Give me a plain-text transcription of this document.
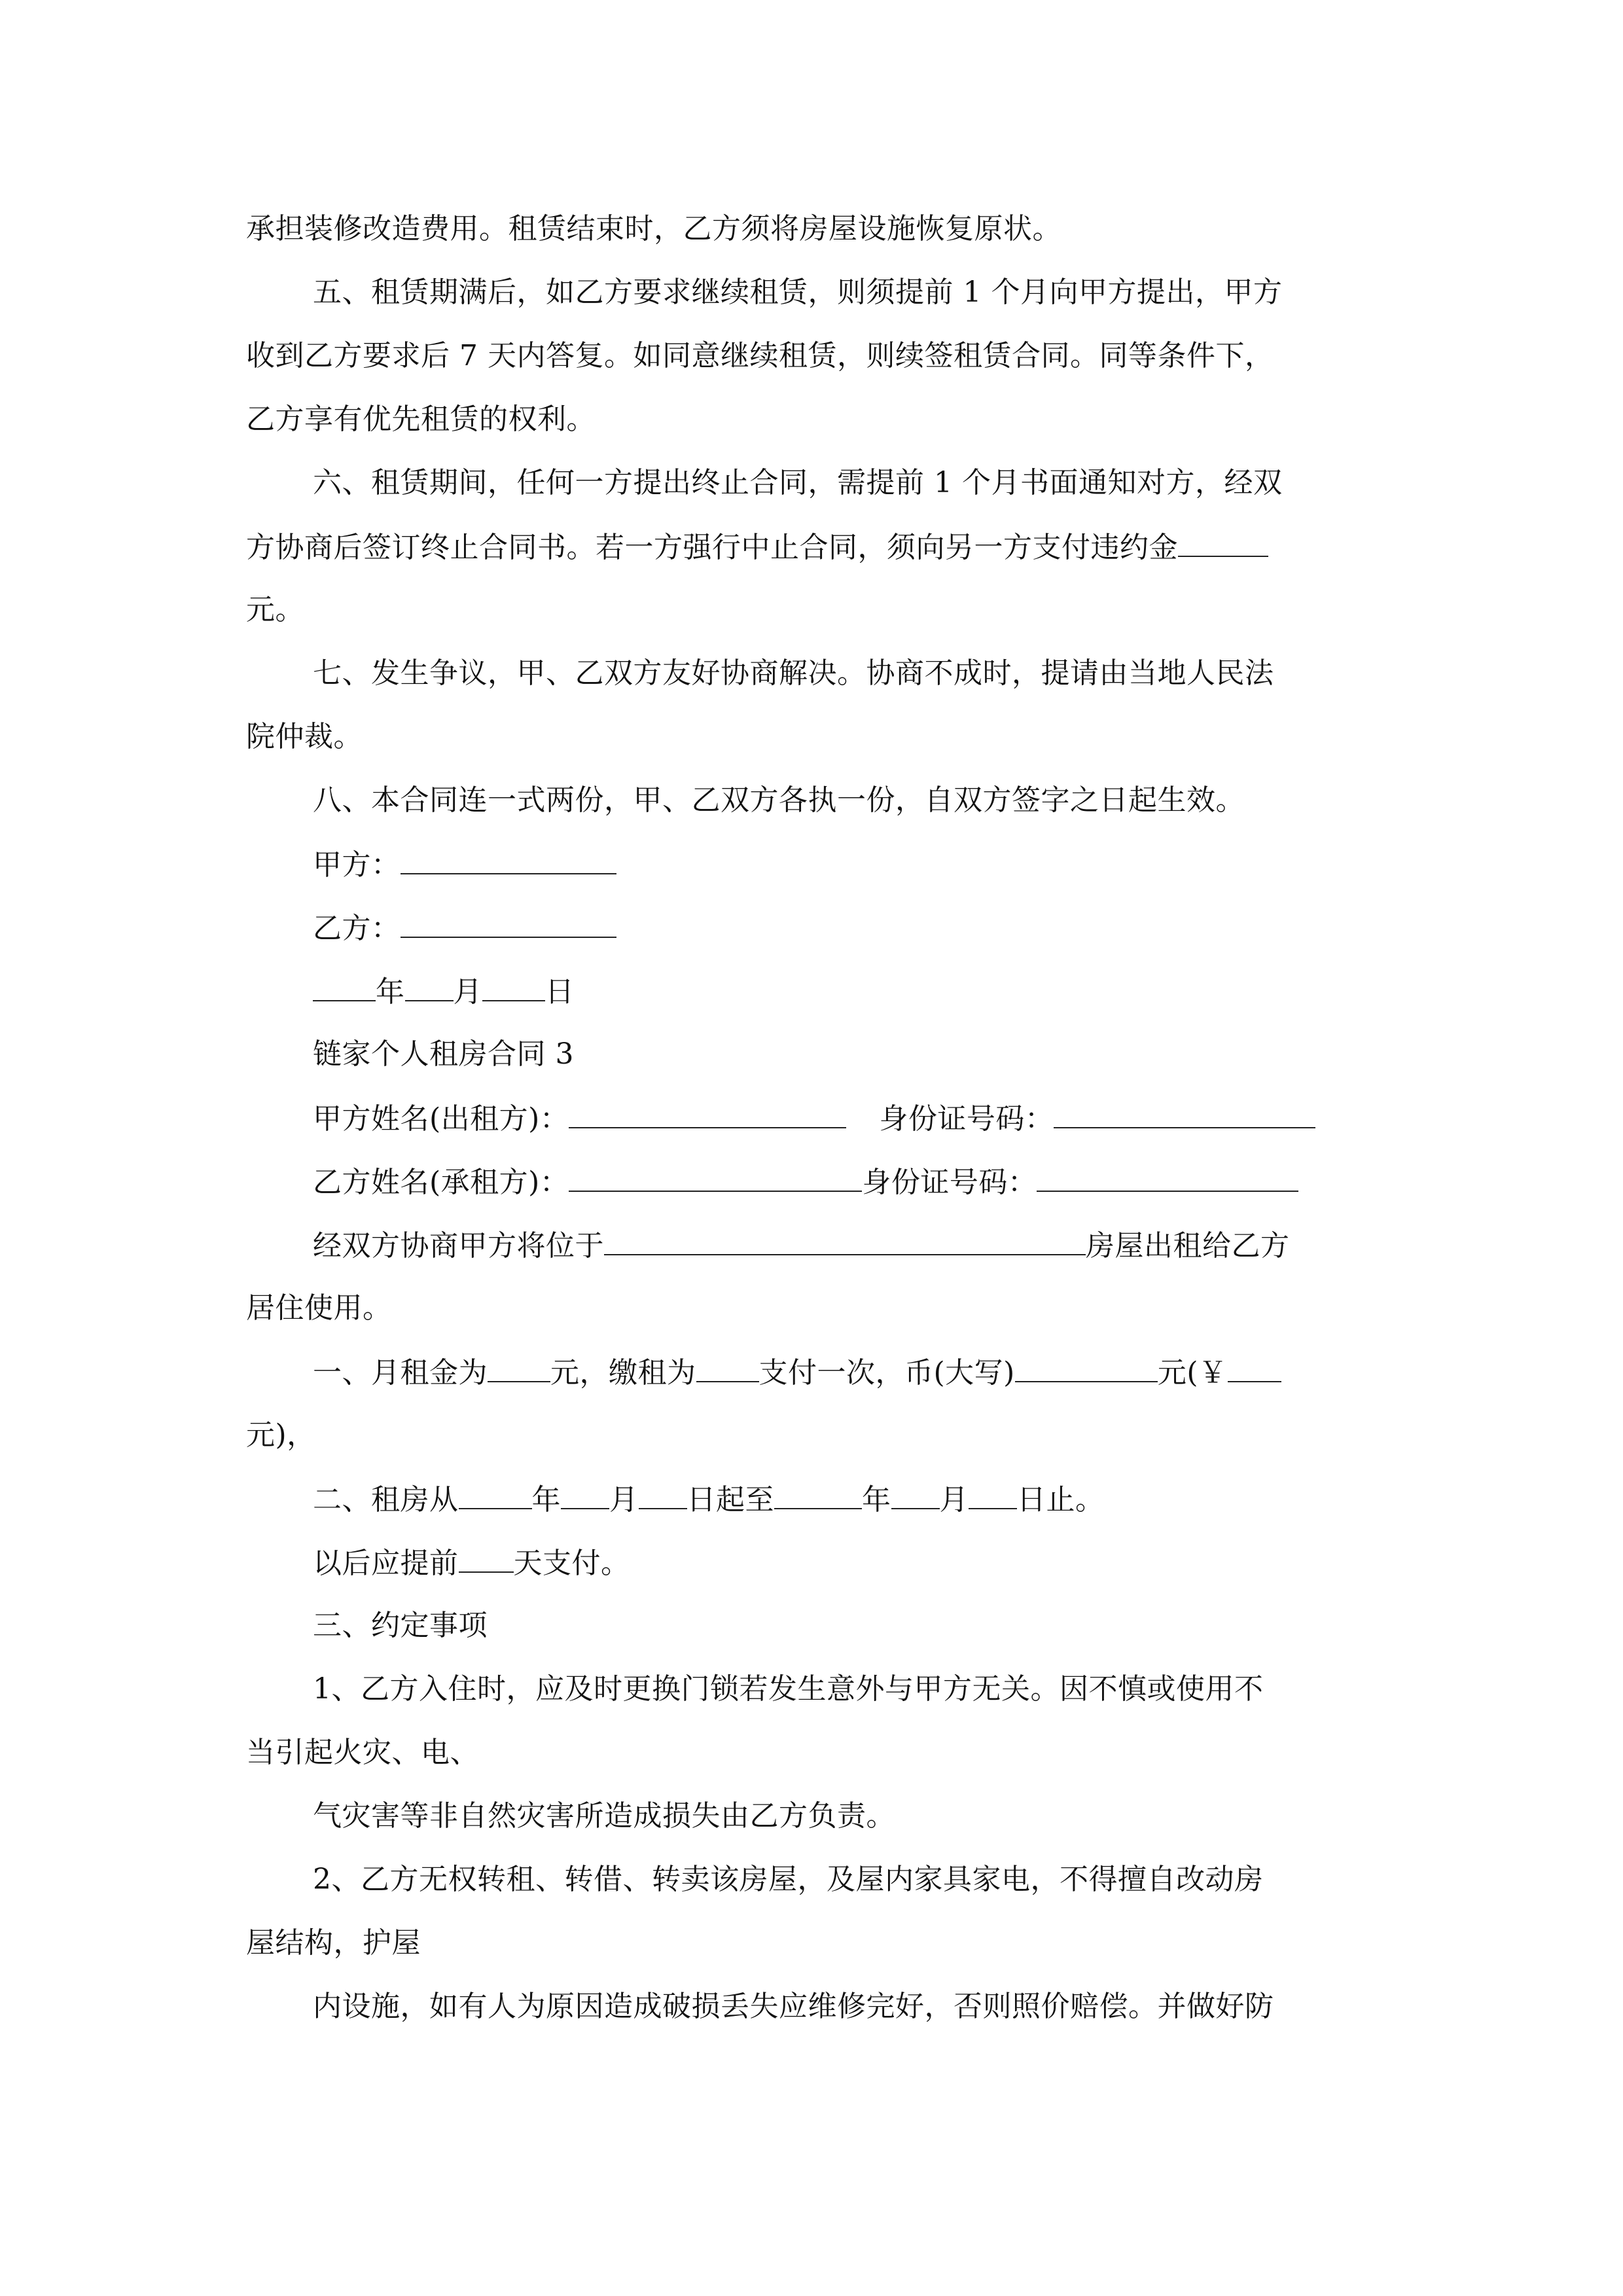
承担装修改造费用。租赁结束时，乙方须将房屋设施恢复原状。

五、租赁期满后，如乙方要求继续租赁，则须提前 1 个月向甲方提出，甲方

收到乙方要求后 7 天内答复。如同意继续租赁，则续签租赁合同。同等条件下，

乙方享有优先租赁的权利。

六、租赁期间，任何一方提出终止合同，需提前 1 个月书面通知对方，经双

方协商后签订终止合同书。若一方强行中止合同，须向另一方支付违约金

元。

七、发生争议，甲、乙双方友好协商解决。协商不成时，提请由当地人民法

院仲裁。

八、本合同连一式两份，甲、乙双方各执一份，自双方签字之日起生效。

甲方：

乙方：

年 月 日

链家个人租房合同 3

甲方姓名(出租方)：	身份证号码：

乙方姓名(承租方)：	身份证号码：

经双方协商甲方将位于	房屋出租给乙方

居住使用。

一、月租金为 元，缴租为 支付一次，币(大写)	元(￥

元)，

二、租房从	年 月 日起至	年 月 日止。

以后应提前 天支付。

三、约定事项

1、乙方入住时，应及时更换门锁若发生意外与甲方无关。因不慎或使用不

当引起火灾、电、

气灾害等非自然灾害所造成损失由乙方负责。

2、乙方无权转租、转借、转卖该房屋，及屋内家具家电，不得擅自改动房

屋结构，护屋

内设施，如有人为原因造成破损丢失应维修完好，否则照价赔偿。并做好防
